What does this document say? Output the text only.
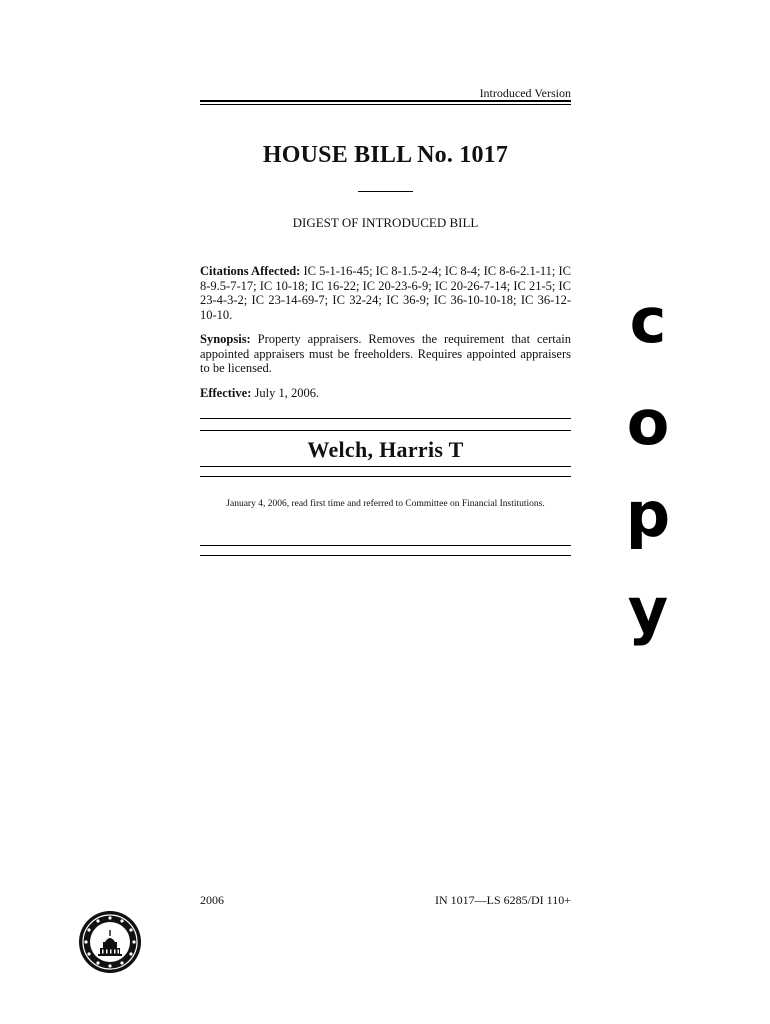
Introduced Version
HOUSE BILL No. 1017
DIGEST OF INTRODUCED BILL
Citations Affected: IC 5-1-16-45; IC 8-1.5-2-4; IC 8-4; IC 8-6-2.1-11; IC 8-9.5-7-17; IC 10-18; IC 16-22; IC 20-23-6-9; IC 20-26-7-14; IC 21-5; IC 23-4-3-2; IC 23-14-69-7; IC 32-24; IC 36-9; IC 36-10-10-18; IC 36-12-10-10.
Synopsis: Property appraisers. Removes the requirement that certain appointed appraisers must be freeholders. Requires appointed appraisers to be licensed.
Effective: July 1, 2006.
Welch, Harris T
January 4, 2006, read first time and referred to Committee on Financial Institutions.
2006	IN 1017—LS 6285/DI 110+
c
o
p
y
